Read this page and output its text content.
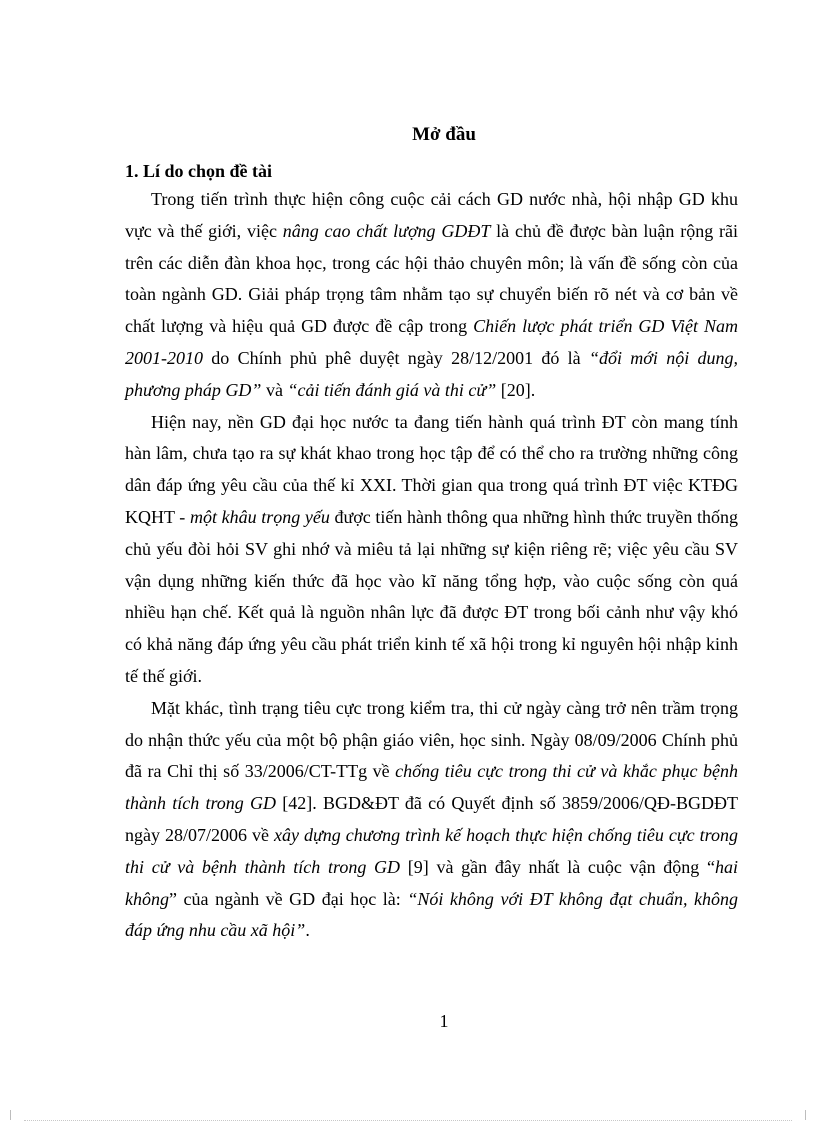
Mở đầu
1. Lí do chọn đề tài

Trong tiến trình thực hiện công cuộc cải cách GD nước nhà, hội nhập GD khu vực và thế giới, việc nâng cao chất lượng GDĐT là chủ đề được bàn luận rộng rãi trên các diễn đàn khoa học, trong các hội thảo chuyên môn; là vấn đề sống còn của toàn ngành GD. Giải pháp trọng tâm nhằm tạo sự chuyển biến rõ nét và cơ bản về chất lượng và hiệu quả GD được đề cập trong Chiến lược phát triển GD Việt Nam 2001-2010 do Chính phủ phê duyệt ngày 28/12/2001 đó là “đổi mới nội dung, phương pháp GD” và “cải tiến đánh giá và thi cử” [20].

Hiện nay, nền GD đại học nước ta đang tiến hành quá trình ĐT còn mang tính hàn lâm, chưa tạo ra sự khát khao trong học tập để có thể cho ra trường những công dân đáp ứng yêu cầu của thế kỉ XXI. Thời gian qua trong quá trình ĐT việc KTĐG KQHT - một khâu trọng yếu được tiến hành thông qua những hình thức truyền thống chủ yếu đòi hỏi SV ghi nhớ và miêu tả lại những sự kiện riêng rẽ; việc yêu cầu SV vận dụng những kiến thức đã học vào kĩ năng tổng hợp, vào cuộc sống còn quá nhiều hạn chế. Kết quả là nguồn nhân lực đã được ĐT trong bối cảnh như vậy khó có khả năng đáp ứng yêu cầu phát triển kinh tế xã hội trong kỉ nguyên hội nhập kinh tế thế giới.

Mặt khác, tình trạng tiêu cực trong kiểm tra, thi cử ngày càng trở nên trầm trọng do nhận thức yếu của một bộ phận giáo viên, học sinh. Ngày 08/09/2006 Chính phủ đã ra Chỉ thị số 33/2006/CT-TTg về chống tiêu cực trong thi cử và khắc phục bệnh thành tích trong GD [42]. BGD&ĐT đã có Quyết định số 3859/2006/QĐ-BGDĐT ngày 28/07/2006 về xây dựng chương trình kế hoạch thực hiện chống tiêu cực trong thi cử và bệnh thành tích trong GD [9] và gần đây nhất là cuộc vận động “hai không” của ngành về GD đại học là: “Nói không với ĐT không đạt chuẩn, không đáp ứng nhu cầu xã hội”.

1
